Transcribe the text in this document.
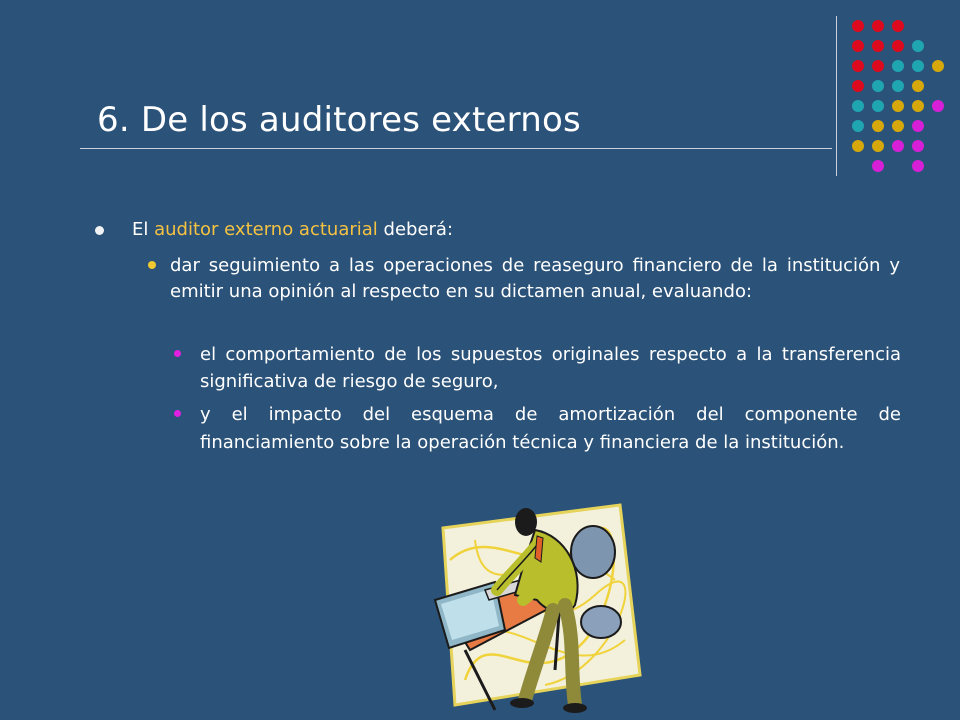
6. De los auditores externos
El auditor externo actuarial deberá:
dar seguimiento a las operaciones de reaseguro financiero de la institución y emitir una opinión al respecto en su dictamen anual, evaluando:
el comportamiento de los supuestos originales respecto a la transferencia significativa de riesgo de seguro,
y el impacto del esquema de amortización del componente de financiamiento sobre la operación técnica y financiera de la institución.
